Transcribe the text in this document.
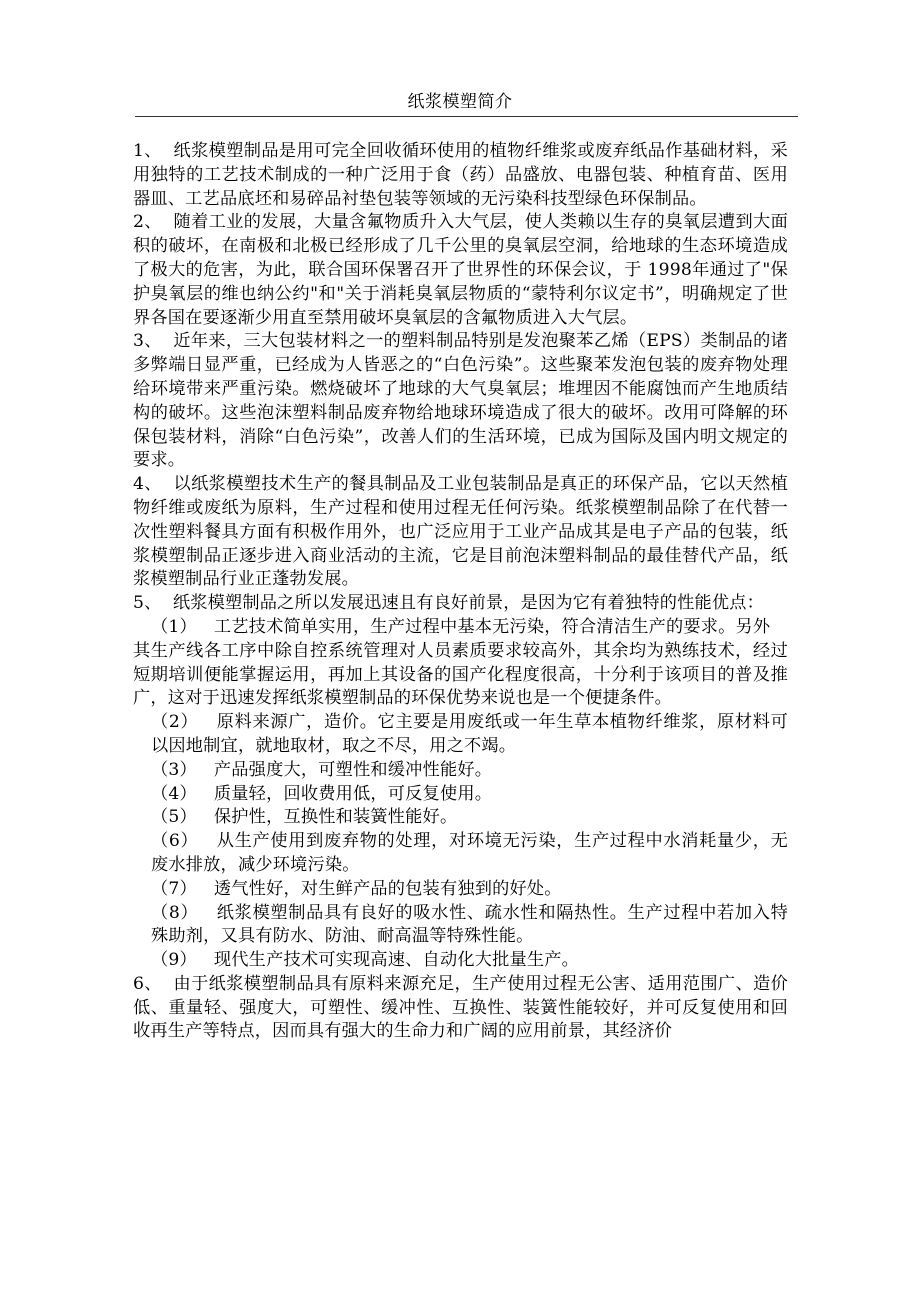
纸浆模塑简介

1、  纸浆模塑制品是用可完全回收循环使用的植物纤维浆或废弃纸品作基础材料，采用独特的工艺技术制成的一种广泛用于食（药）品盛放、电器包装、种植育苗、医用器皿、工艺品底坯和易碎品衬垫包装等领域的无污染科技型绿色环保制品。

2、  随着工业的发展，大量含氟物质升入大气层，使人类赖以生存的臭氧层遭到大面积的破坏，在南极和北极已经形成了几千公里的臭氧层空洞，给地球的生态环境造成了极大的危害，为此，联合国环保署召开了世界性的环保会议，于 1998年通过了"保护臭氧层的维也纳公约"和"关于消耗臭氧层物质的“蒙特利尔议定书”，明确规定了世界各国在要逐渐少用直至禁用破坏臭氧层的含氟物质进入大气层。

3、  近年来，三大包装材料之一的塑料制品特别是发泡聚苯乙烯（EPS）类制品的诸多弊端日显严重，已经成为人皆恶之的“白色污染”。这些聚苯发泡包装的废弃物处理给环境带来严重污染。燃烧破坏了地球的大气臭氧层；堆埋因不能腐蚀而产生地质结构的破坏。这些泡沫塑料制品废弃物给地球环境造成了很大的破坏。改用可降解的环保包装材料，消除“白色污染”，改善人们的生活环境，已成为国际及国内明文规定的要求。

4、  以纸浆模塑技术生产的餐具制品及工业包装制品是真正的环保产品，它以天然植物纤维或废纸为原料，生产过程和使用过程无任何污染。纸浆模塑制品除了在代替一次性塑料餐具方面有积极作用外，也广泛应用于工业产品成其是电子产品的包装，纸浆模塑制品正逐步进入商业活动的主流，它是目前泡沫塑料制品的最佳替代产品，纸浆模塑制品行业正蓬勃发展。

5、  纸浆模塑制品之所以发展迅速且有良好前景，是因为它有着独特的性能优点：

（1）   工艺技术简单实用，生产过程中基本无污染，符合清洁生产的要求。另外

其生产线各工序中除自控系统管理对人员素质要求较高外，其余均为熟练技术，经过短期培训便能掌握运用，再加上其设备的国产化程度很高，十分利于该项目的普及推广，这对于迅速发挥纸浆模塑制品的环保优势来说也是一个便捷条件。

（2）   原料来源广，造价。它主要是用废纸或一年生草本植物纤维浆，原材料可  以因地制宜，就地取材，取之不尽，用之不竭。

（3）   产品强度大，可塑性和缓冲性能好。

（4）   质量轻，回收费用低，可反复使用。

（5）   保护性，互换性和装簧性能好。

（6）   从生产使用到废弃物的处理，对环境无污染，生产过程中水消耗量少，无  废水排放，减少环境污染。

（7）   透气性好，对生鲜产品的包装有独到的好处。

（8）   纸浆模塑制品具有良好的吸水性、疏水性和隔热性。生产过程中若加入特  殊助剂，又具有防水、防油、耐高温等特殊性能。

（9）   现代生产技术可实现高速、自动化大批量生产。

6、  由于纸浆模塑制品具有原料来源充足，生产使用过程无公害、适用范围广、造价低、重量轻、强度大，可塑性、缓冲性、互换性、装簧性能较好，并可反复使用和回收再生产等特点，因而具有强大的生命力和广阔的应用前景，其经济价
